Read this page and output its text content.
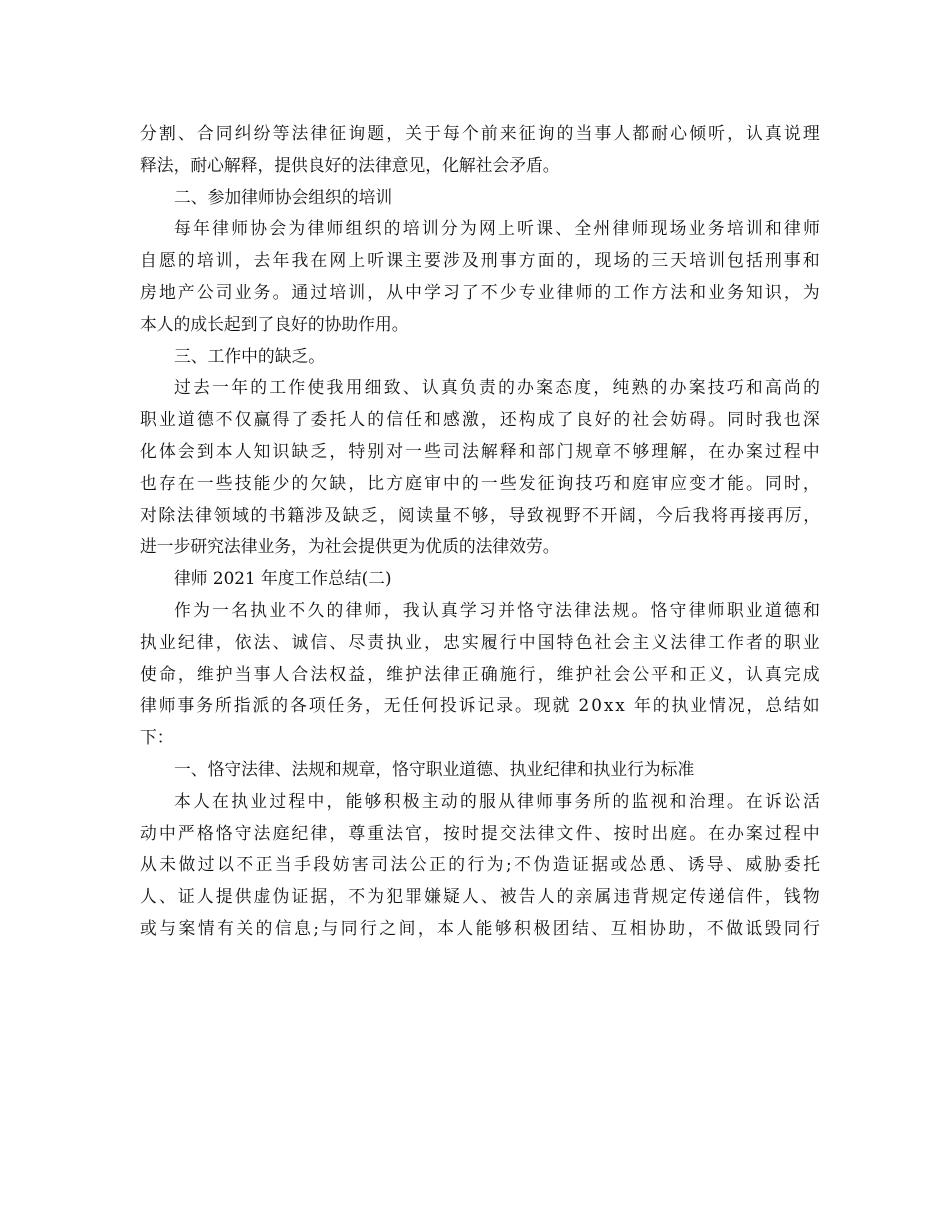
分 割 、 合 同 纠 纷 等 法 律 征 询 题 ， 关 于 每 个 前 来 征 询 的 当 事 人 都 耐 心 倾 听 ， 认 真 说 理
释法，耐心解释，提供良好的法律意见，化解社会矛盾。
二、参加律师协会组织的培训
每 年 律 师 协 会 为 律 师 组 织 的 培 训 分 为 网 上 听 课 、 全 州 律 师 现 场 业 务 培 训 和 律 师
自 愿 的 培 训 ， 去 年 我 在 网 上 听 课 主 要 涉 及 刑 事 方 面 的 ， 现 场 的 三 天 培 训 包 括 刑 事 和
房 地 产 公 司 业 务 。 通 过 培 训 ， 从 中 学 习 了 不 少 专 业 律 师 的 工 作 方 法 和 业 务 知 识 ， 为
本人的成长起到了良好的协助作用。
三、工作中的缺乏。
过 去 一 年 的 工 作 使 我 用 细 致 、 认 真 负 责 的 办 案 态 度 ， 纯 熟 的 办 案 技 巧 和 高 尚 的
职 业 道 德 不 仅 赢 得 了 委 托 人 的 信 任 和 感 激 ， 还 构 成 了 良 好 的 社 会 妨 碍 。 同 时 我 也 深
化 体 会 到 本 人 知 识 缺 乏 ， 特 别 对 一 些 司 法 解 释 和 部 门 规 章 不 够 理 解 ， 在 办 案 过 程 中
也 存 在 一 些 技 能 少 的 欠 缺 ， 比 方 庭 审 中 的 一 些 发 征 询 技 巧 和 庭 审 应 变 才 能 。 同 时 ，
对 除 法 律 领 域 的 书 籍 涉 及 缺 乏 ， 阅 读 量 不 够 ， 导 致 视 野 不 开 阔 ， 今 后 我 将 再 接 再 厉 ，
进一步研究法律业务，为社会提供更为优质的法律效劳。
律师 2021 年度工作总结(二)
作 为 一 名 执 业 不 久 的 律 师 ， 我 认 真 学 习 并 恪 守 法 律 法 规 。 恪 守 律 师 职 业 道 德 和
执 业 纪 律 ， 依 法 、 诚 信 、 尽 责 执 业 ， 忠 实 履 行 中 国 特 色 社 会 主 义 法 律 工 作 者 的 职 业
使 命 ， 维 护 当 事 人 合 法 权 益 ， 维 护 法 律 正 确 施 行 ， 维 护 社 会 公 平 和 正 义 ， 认 真 完 成
律 师 事 务 所 指 派 的 各 项 任 务 ， 无 任 何 投 诉 记 录 。 现 就
2 0 x x
年 的 执 业 情 况 ， 总 结 如
下：
一、恪守法律、法规和规章，恪守职业道德、执业纪律和执业行为标准
本 人 在 执 业 过 程 中 ， 能 够 积 极 主 动 的 服 从 律 师 事 务 所 的 监 视 和 治 理 。 在 诉 讼 活
动 中 严 格 恪 守 法 庭 纪 律 ， 尊 重 法 官 ， 按 时 提 交 法 律 文 件 、 按 时 出 庭 。 在 办 案 过 程 中
从 未 做 过 以 不 正 当 手 段 妨 害 司 法 公 正 的 行 为 ; 不 伪 造 证 据 或 怂 恿 、 诱 导 、 威 胁 委 托
人 、 证 人 提 供 虚 伪 证 据 ， 不 为 犯 罪 嫌 疑 人 、 被 告 人 的 亲 属 违 背 规 定 传 递 信 件 ， 钱 物
或 与 案 情 有 关 的 信 息 ; 与 同 行 之 间 ， 本 人 能 够 积 极 团 结 、 互 相 协 助 ， 不 做 诋 毁 同 行
